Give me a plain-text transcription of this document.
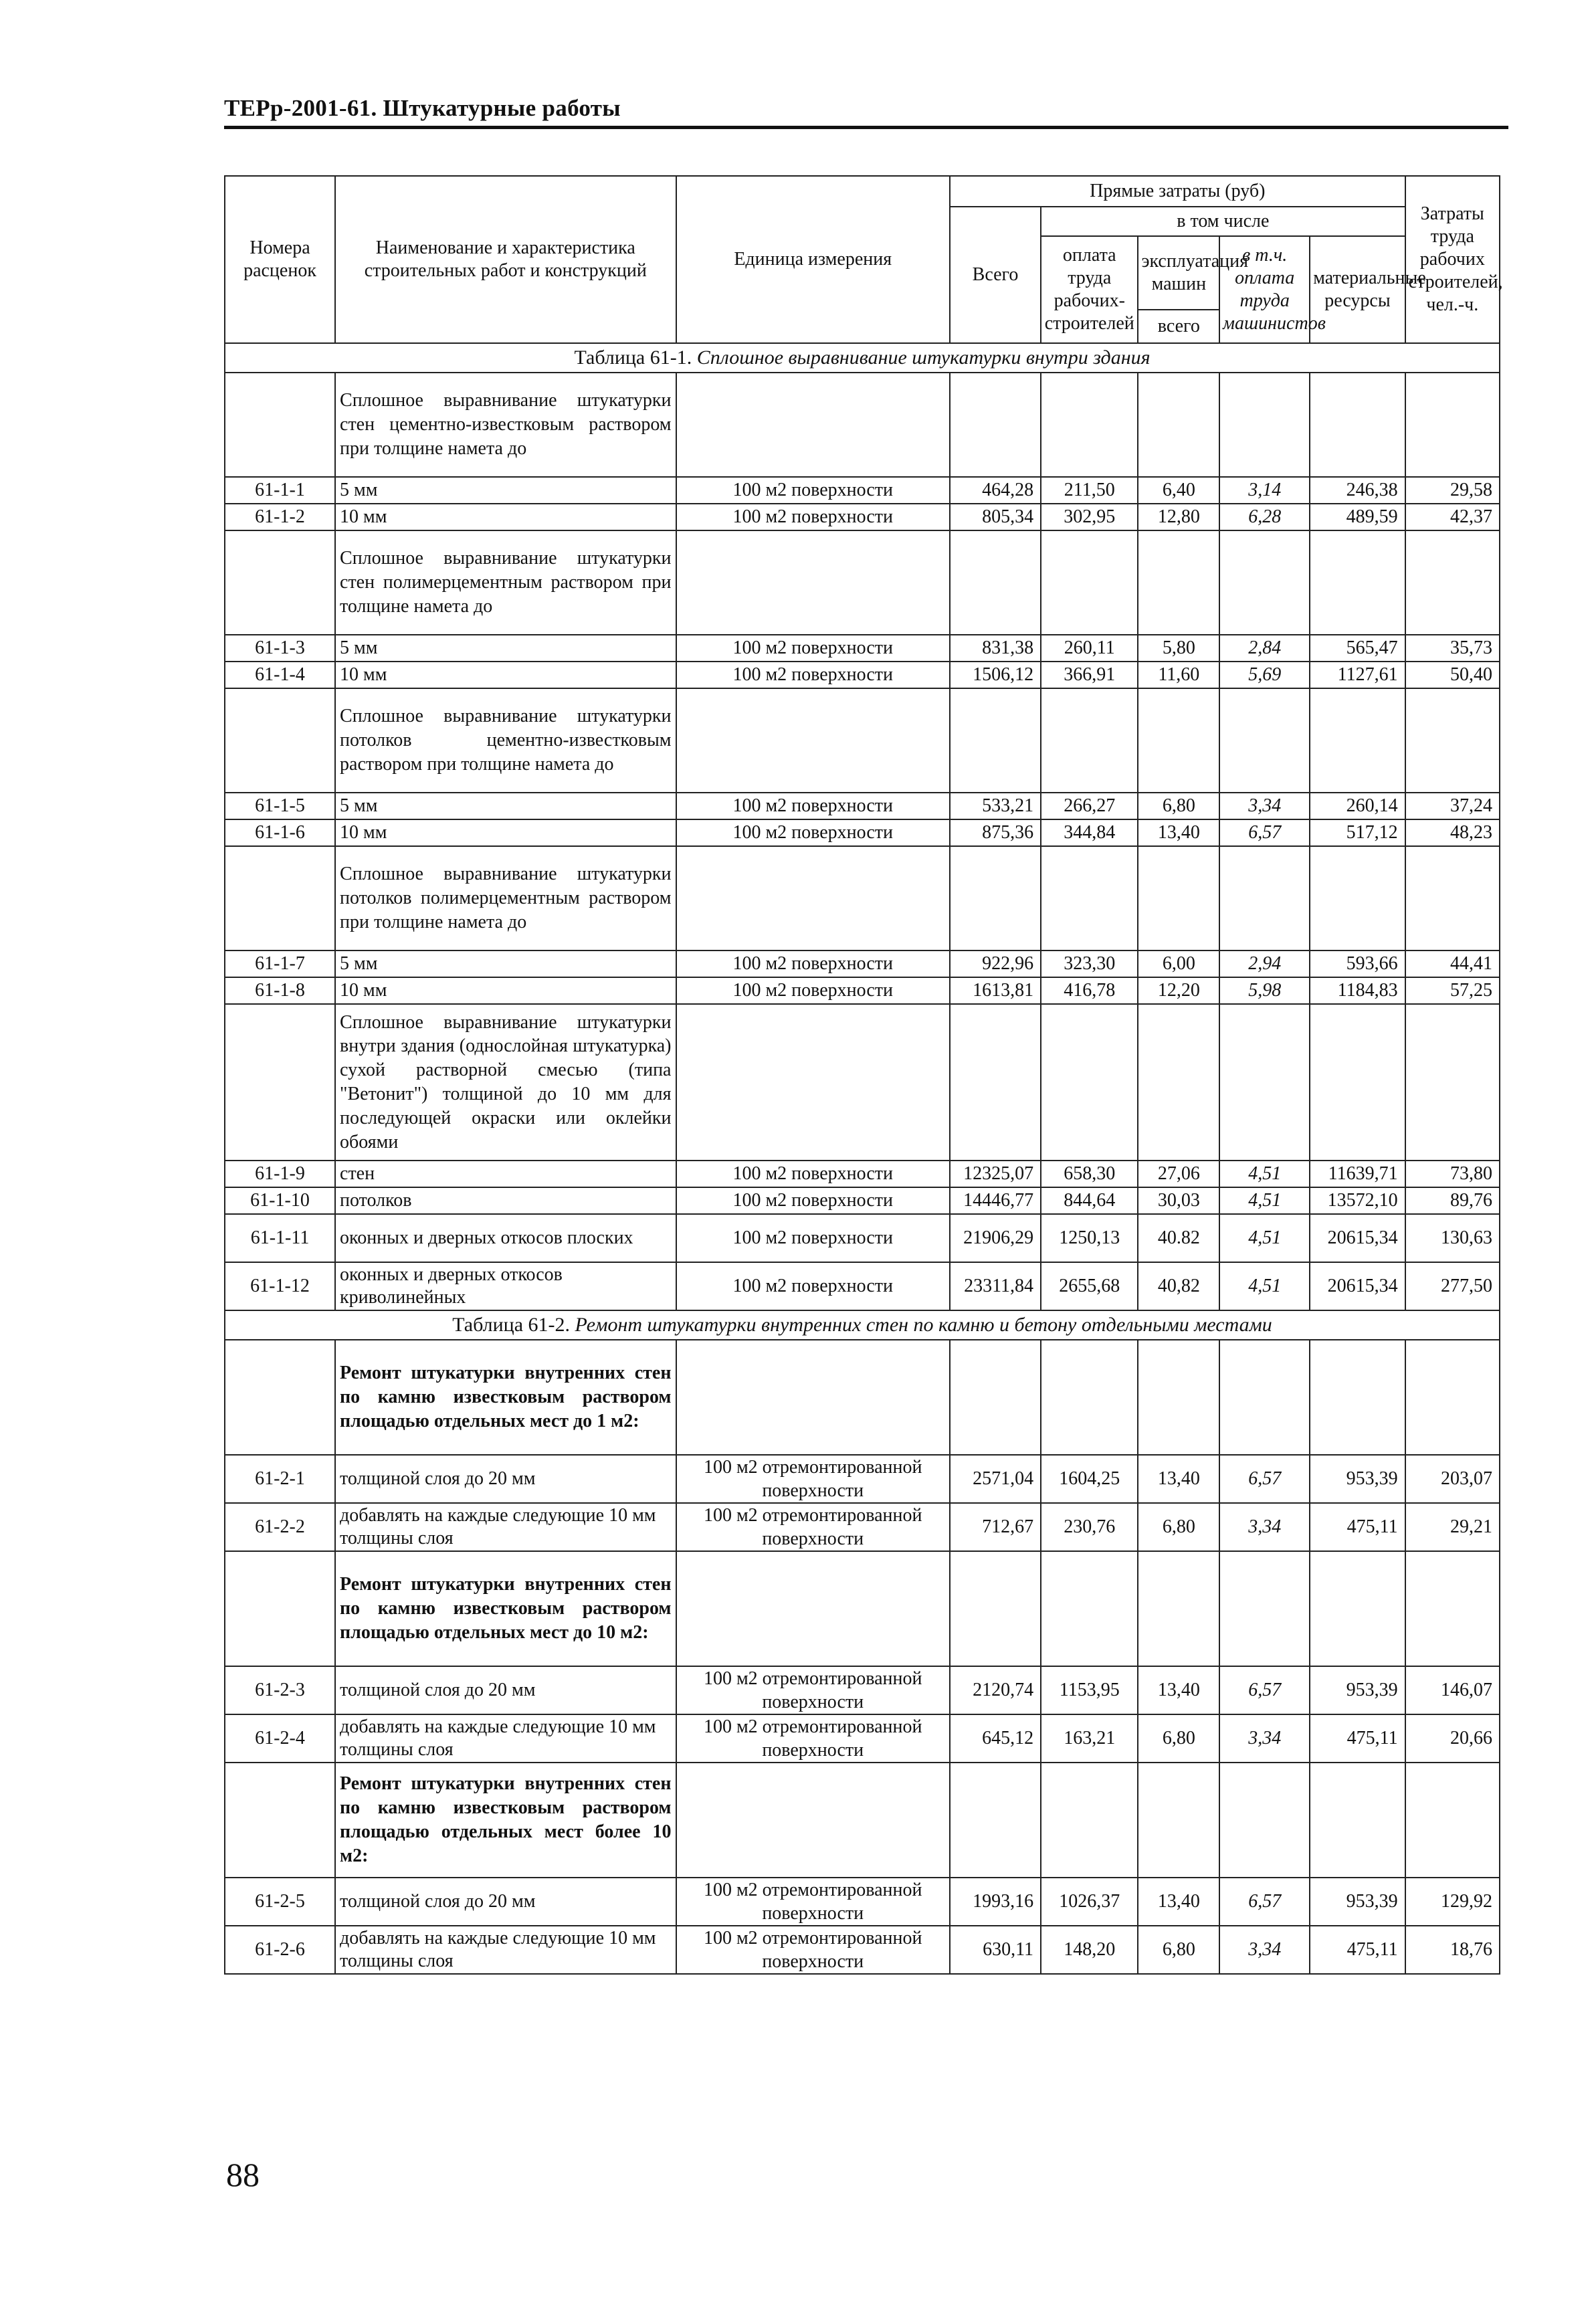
ТЕРр-2001-61. Штукатурные работы
Номера расценок	Наименование и характеристика строительных работ и конструкций	Единица измерения	Прямые затраты (руб)					Затраты труда рабочих строителей, чел.-ч.
			Всего	в том числе				
				оплата труда рабочих-строителей	эксплуатация машин	в т.ч. оплата труда машинистов	материальные ресурсы	

					всего			
Таблица 61-1. Сплошное выравнивание штукатурки внутри здания								
	Сплошное выравнивание штукатурки стен цементно-известковым раствором при толщине намета до							
61-1-1	5 мм	100 м2 поверхности	464,28	211,50	6,40	3,14	246,38	29,58
61-1-2	10 мм	100 м2 поверхности	805,34	302,95	12,80	6,28	489,59	42,37
	Сплошное выравнивание штукатурки стен полимерцементным раствором при толщине намета до							
61-1-3	5 мм	100 м2 поверхности	831,38	260,11	5,80	2,84	565,47	35,73
61-1-4	10 мм	100 м2 поверхности	1506,12	366,91	11,60	5,69	1127,61	50,40
	Сплошное выравнивание штукатурки потолков цементно-известковым раствором при толщине намета до							
61-1-5	5 мм	100 м2 поверхности	533,21	266,27	6,80	3,34	260,14	37,24
61-1-6	10 мм	100 м2 поверхности	875,36	344,84	13,40	6,57	517,12	48,23
	Сплошное выравнивание штукатурки потолков полимерцементным раствором при толщине намета до							
61-1-7	5 мм	100 м2 поверхности	922,96	323,30	6,00	2,94	593,66	44,41
61-1-8	10 мм	100 м2 поверхности	1613,81	416,78	12,20	5,98	1184,83	57,25
	Сплошное выравнивание штукатурки внутри здания (однослойная штукатурка) сухой растворной смесью (типа "Ветонит") толщиной до 10 мм для последующей окраски или оклейки обоями							
61-1-9	стен	100 м2 поверхности	12325,07	658,30	27,06	4,51	11639,71	73,80
61-1-10	потолков	100 м2 поверхности	14446,77	844,64	30,03	4,51	13572,10	89,76
61-1-11	оконных и дверных откосов плоских	100 м2 поверхности	21906,29	1250,13	40.82	4,51	20615,34	130,63
61-1-12	оконных и дверных откосов криволинейных	100 м2 поверхности	23311,84	2655,68	40,82	4,51	20615,34	277,50
Таблица 61-2. Ремонт штукатурки внутренних стен по камню и бетону отдельными местами								
	Ремонт штукатурки внутренних стен по камню известковым раствором площадью отдельных мест до 1 м2:							
61-2-1	толщиной слоя до 20 мм	100 м2 отремонтированной поверхности	2571,04	1604,25	13,40	6,57	953,39	203,07
61-2-2	добавлять на каждые следующие 10 мм толщины слоя	100 м2 отремонтированной поверхности	712,67	230,76	6,80	3,34	475,11	29,21
	Ремонт штукатурки внутренних стен по камню известковым раствором площадью отдельных мест до 10 м2:							
61-2-3	толщиной слоя до 20 мм	100 м2 отремонтированной поверхности	2120,74	1153,95	13,40	6,57	953,39	146,07
61-2-4	добавлять на каждые следующие 10 мм толщины слоя	100 м2 отремонтированной поверхности	645,12	163,21	6,80	3,34	475,11	20,66
	Ремонт штукатурки внутренних стен по камню известковым раствором площадью отдельных мест более 10 м2:							
61-2-5	толщиной слоя до 20 мм	100 м2 отремонтированной поверхности	1993,16	1026,37	13,40	6,57	953,39	129,92
61-2-6	добавлять на каждые следующие 10 мм толщины слоя	100 м2 отремонтированной поверхности	630,11	148,20	6,80	3,34	475,11	18,76
88
